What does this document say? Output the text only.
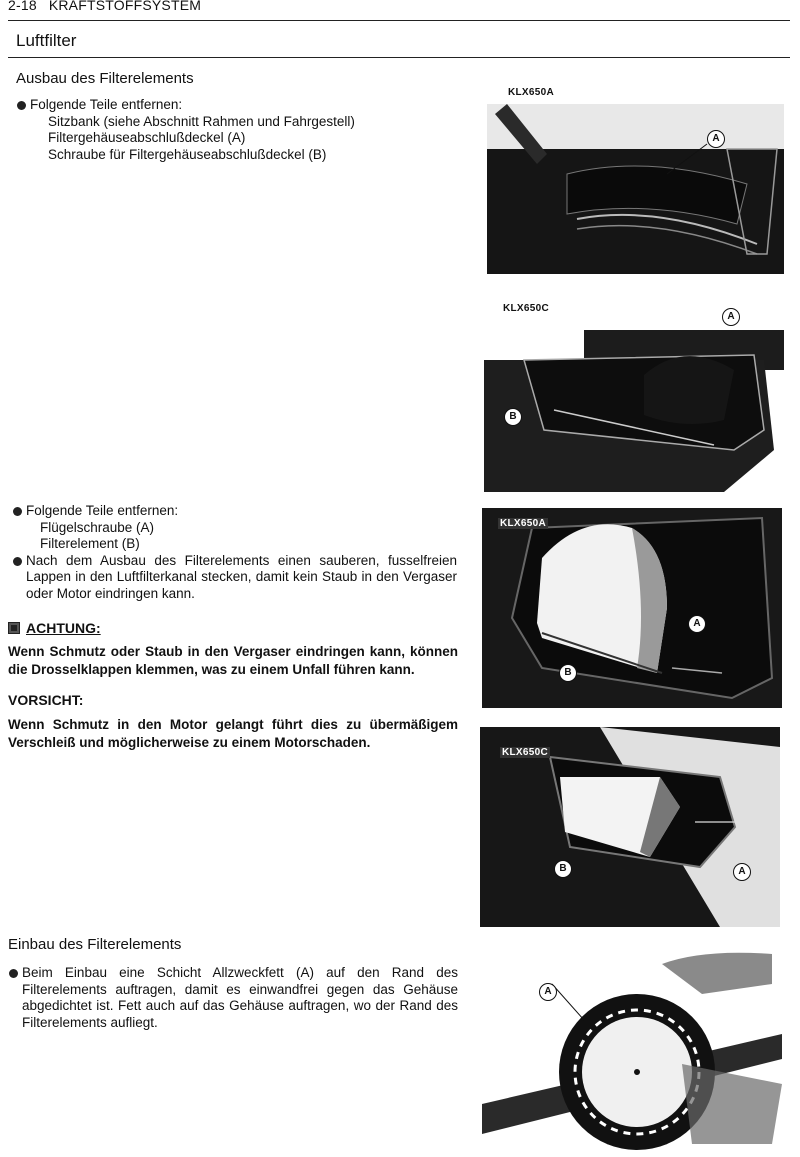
2-18 KRAFTSTOFFSYSTEM
Luftfilter
Ausbau des Filterelements
Folgende Teile entfernen:
Sitzbank (siehe Abschnitt Rahmen und Fahrgestell)
Filtergehäuseabschlußdeckel (A)
Schraube für Filtergehäuseabschlußdeckel (B)
Folgende Teile entfernen:
Flügelschraube (A)
Filterelement (B)
Nach dem Ausbau des Filterelements einen sauberen, fusselfreien Lappen in den Luftfilterkanal stecken, damit kein Staub in den Vergaser oder Motor eindringen kann.
ACHTUNG:
Wenn Schmutz oder Staub in den Vergaser eindringen kann, können die Drosselklappen klemmen, was zu einem Unfall führen kann.
VORSICHT:
Wenn Schmutz in den Motor gelangt führt dies zu übermäßigem Verschleiß und möglicherweise zu einem Motorschaden.
Einbau des Filterelements
Beim Einbau eine Schicht Allzweckfett (A) auf den Rand des Filterelements auftragen, damit es einwandfrei gegen das Gehäuse abgedichtet ist. Fett auch auf das Gehäuse auftragen, wo der Rand des Filterelements aufliegt.
KLX650A
A
KLX650C
A
B
KLX650A
A
B
KLX650C
B	A
A
